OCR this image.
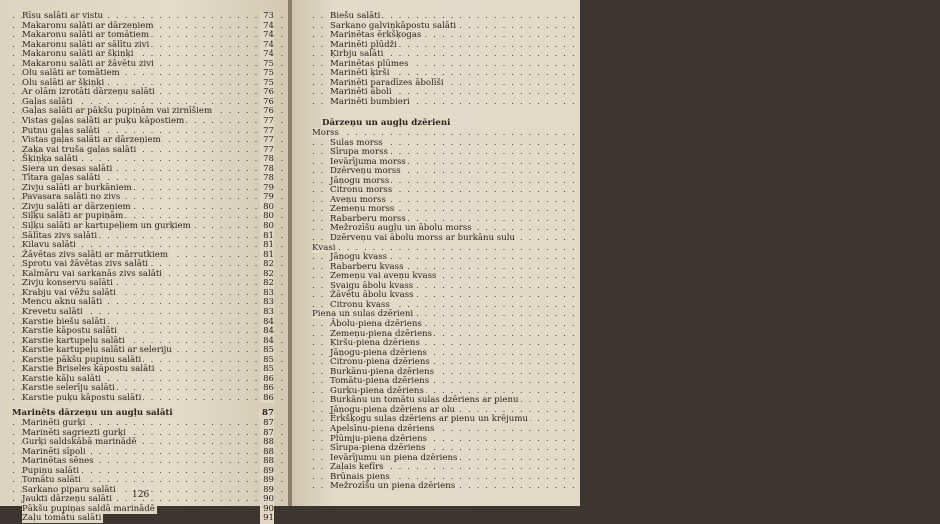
Rīsu salāti ar vistu	73
. . .
Makaronu salāti ar dārzeņiem	74
. . .
Makaronu salāti ar tomātiem	74
. . .
Makaronu salāti ar sālītu zivi	74
. . .
Makaronu salāti ar šķiņķi	74
. . .
Makaronu salāti ar žāvētu zivi	75
. . .
Olu salāti ar tomātiem	75
. . .
Olu salāti ar šķiņķi	75
. . .
Ar olām izrotāti dārzeņu salāti	76
. . .
Gaļas salāti	76
. . .
Gaļas salāti ar pākšu pupiņām vai zirnīšiem	76
. . .
Vistas gaļas salāti ar puķu kāpostiem	77
. . .
Putnu gaļas salāti	77
. . .
Vistas gaļas salāti ar dārzeņiem	77
. . .
Zaķa vai truša gaļas salāti	77
. . .
Šķiņķa salāti	78
. . .
Siera un desas salāti	78
. . .
Tītara gaļas salāti	78
. . .
Zivju salāti ar burkāniem	79
. . .
Pavasara salāti no zivs	79
. . .
Zivju salāti ar dārzeņiem	80
. . .
Siļķu salāti ar pupiņām	80
. . .
Siļķu salāti ar kartupeļiem un gurķiem	80
. . .
Sālītas zivs salāti	81
. . .
Kilavu salāti	81
. . .
Žāvētas zivs salāti ar mārrutkiem	81
. . .
Sprotu vai žāvētas zivs salāti	82
. . .
Kalmāru vai sarkanās zivs salāti	82
. . .
Zivju konservu salāti	82
. . .
Krabju vai vēžu salāti	83
. . .
Mencu aknu salāti	83
. . .
Krevetu salāti	83
. . .
Karstie biešu salāti	84
. . .
Karstie kāpostu salāti	84
. . .
Karstie kartupeļu salāti	84
. . .
Karstie kartupeļu salāti ar seleriju	85
. . .
Karstie pākšu pupiņu salāti	85
. . .
Karstie Briseles kāpostu salāti	85
. . .
Karstie kāļu salāti	86
. . .
Karstie selerīju salāti	86
. . .
Karstie puķu kāpostu salāti	86
. . .
Marinēts dārzeņu un augļu salāti	87
Marinēti gurķi	87
. . .
Marinēti sagriezti gurķi	87
. . .
Gurķi saldskābā marinādē	88
. . .
Marinēti sīpoli	88
. . .
Marinētas sēnes	88
. . .
Pupiņu salāti	89
. . .
Tomātu salāti	89
. . .
Sarkano piparu salāti	89
. . .
Jaukti dārzeņu salāti	90
. . .
Pākšu pupiņas saldā marinādē	90
. . .
Zaļu tomātu salāti	91
. . .
126
Biešu salāti . . .
Sarkano galviņkāpostu salāti . . .
Marinētas ērkšķogas . . .
Marinēti plūdži . . .
Ķirbju salāti . . .
Marinētas plūmes . . .
Marinēti ķirši . . .
Marinēti paradīzes ābolīši . . .
Marinēti āboli . . .
Marinēti bumbieri . . .
Dārzeņu un augļu dzērieni
Morss . . .
Sulas morss . . .
Sīrupa morss . . .
Ievārījuma morss . . .
Dzērveņu morss . . .
Jāņogu morss . . .
Citronu morss . . .
Aveņu morss . . .
Zemeņu morss . . .
Rabarberu morss . . .
Mežrozīšu augļu un ābolu morss . . .
Dzērveņu vai ābolu morss ar burkānu sulu . . .
Kvasi . . .
Jāņogu kvass . . .
Rabarberu kvass . . .
Zemeņu vai aveņu kvass . . .
Svaigu ābolu kvass . . .
Žāvētu ābolu kvass . . .
Citronu kvass . . .
Piena un sulas dzērieni . . .
Ābolu-piena dzēriens . . .
Zemeņu-piena dzēriens . . .
Ķiršu-piena dzēriens . . .
Jāņogu-piena dzēriens . . .
Citronu-piena dzēriens . . .
Burkānu-piena dzēriens . . .
Tomātu-piena dzēriens . . .
Gurķu-piena dzēriens . . .
Burkānu un tomātu sulas dzēriens ar pienu . . .
Jāņogu-piena dzēriens ar olu . . .
Ērkšķogu sulas dzēriens ar pienu un krējumu . . .
Apelsīnu-piena dzēriens . . .
Plūmju-piena dzēriens . . .
Sīrupa-piena dzēriens . . .
Ievārījumu un piena dzēriens . . .
Zaļais kefīrs . . .
Brūnais piens . . .
Mežrozīšu un piena dzēriens . . .
